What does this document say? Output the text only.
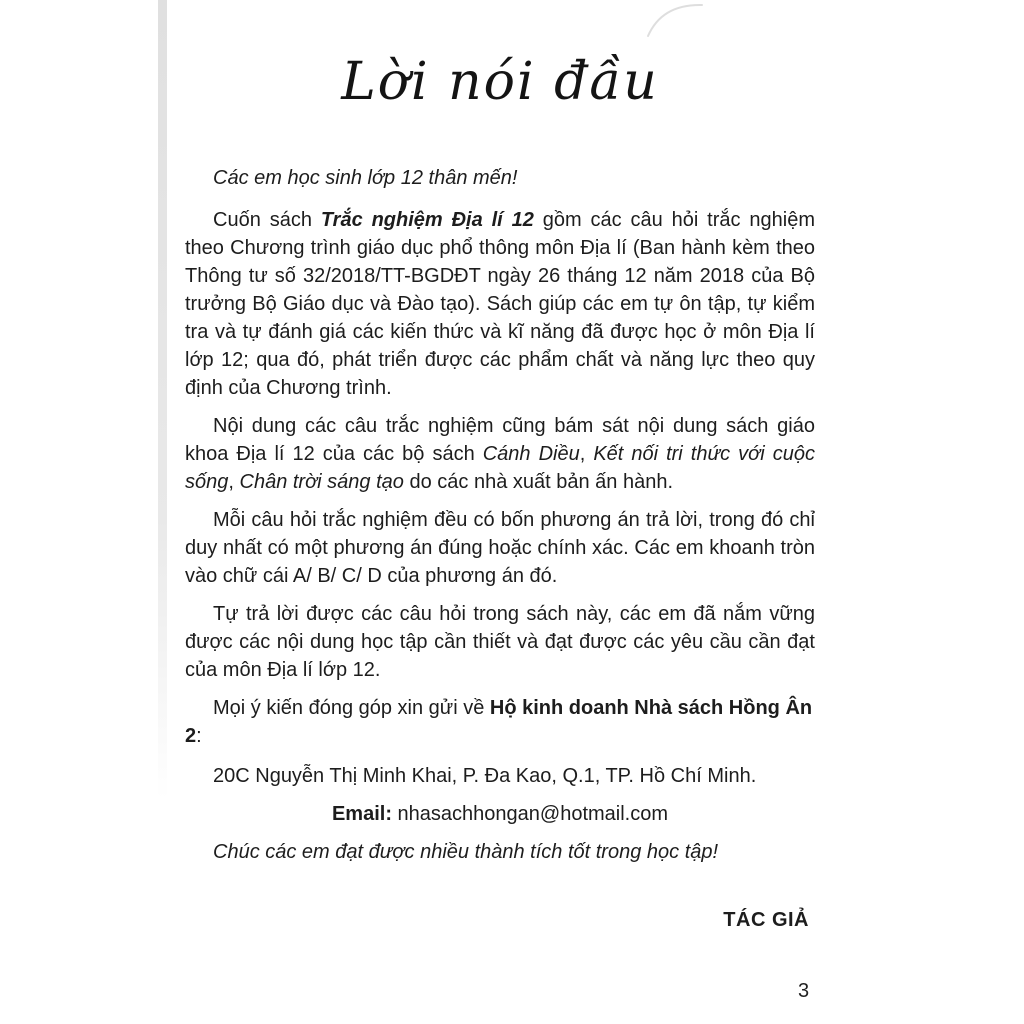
Lời nói đầu

Các em học sinh lớp 12 thân mến!

Cuốn sách Trắc nghiệm Địa lí 12 gồm các câu hỏi trắc nghiệm theo Chương trình giáo dục phổ thông môn Địa lí (Ban hành kèm theo Thông tư số 32/2018/TT-BGDĐT ngày 26 tháng 12 năm 2018 của Bộ trưởng Bộ Giáo dục và Đào tạo). Sách giúp các em tự ôn tập, tự kiểm tra và tự đánh giá các kiến thức và kĩ năng đã được học ở môn Địa lí lớp 12; qua đó, phát triển được các phẩm chất và năng lực theo quy định của Chương trình.

Nội dung các câu trắc nghiệm cũng bám sát nội dung sách giáo khoa Địa lí 12 của các bộ sách Cánh Diều, Kết nối tri thức với cuộc sống, Chân trời sáng tạo do các nhà xuất bản ấn hành.

Mỗi câu hỏi trắc nghiệm đều có bốn phương án trả lời, trong đó chỉ duy nhất có một phương án đúng hoặc chính xác. Các em khoanh tròn vào chữ cái A/ B/ C/ D của phương án đó.

Tự trả lời được các câu hỏi trong sách này, các em đã nắm vững được các nội dung học tập cần thiết và đạt được các yêu cầu cần đạt của môn Địa lí lớp 12.

Mọi ý kiến đóng góp xin gửi về Hộ kinh doanh Nhà sách Hồng Ân 2:

20C Nguyễn Thị Minh Khai, P. Đa Kao, Q.1, TP. Hồ Chí Minh.

Email: nhasachhongan@hotmail.com

Chúc các em đạt được nhiều thành tích tốt trong học tập!

TÁC GIẢ

3
